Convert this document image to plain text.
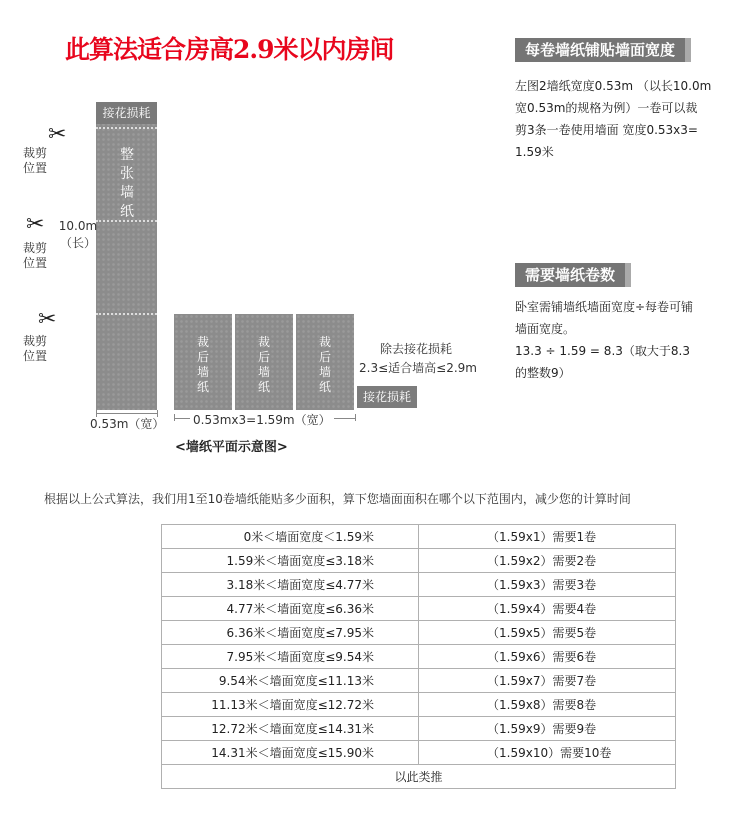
此算法适合房高2.9米以内房间
接花损耗
整
张
墙
纸
✂
裁剪位置
✂ 10.0m
（长）
裁剪位置
✂
裁剪位置
裁
后
墙
纸
裁
后
墙
纸
裁
后
墙
纸
除去接花损耗
2.3≤适合墙高≤2.9m
接花损耗
0.53m（宽） 0.53mx3=1.59m（宽）
<墙纸平面示意图>
每卷墙纸铺贴墙面宽度
左图2墙纸宽度0.53m （以长10.0m
宽0.53m的规格为例）一卷可以裁
剪3条一卷使用墙面 宽度0.53x3=
1.59米
需要墙纸卷数
卧室需铺墙纸墙面宽度÷每卷可铺
墙面宽度。
13.3 ÷ 1.59 = 8.3（取大于8.3
的整数9）
根据以上公式算法，我们用1至10卷墙纸能贴多少面积，算下您墙面面积在哪个以下范围内，减少您的计算时间
0米＜墙面宽度＜1.59米	（1.59x1）需要1卷
1.59米＜墙面宽度≤3.18米	（1.59x2）需要2卷
3.18米＜墙面宽度≤4.77米	（1.59x3）需要3卷
4.77米＜墙面宽度≤6.36米	（1.59x4）需要4卷
6.36米＜墙面宽度≤7.95米	（1.59x5）需要5卷
7.95米＜墙面宽度≤9.54米	（1.59x6）需要6卷
9.54米＜墙面宽度≤11.13米	（1.59x7）需要7卷
11.13米＜墙面宽度≤12.72米	（1.59x8）需要8卷
12.72米＜墙面宽度≤14.31米	（1.59x9）需要9卷
14.31米＜墙面宽度≤15.90米	（1.59x10）需要10卷
以此类推	
